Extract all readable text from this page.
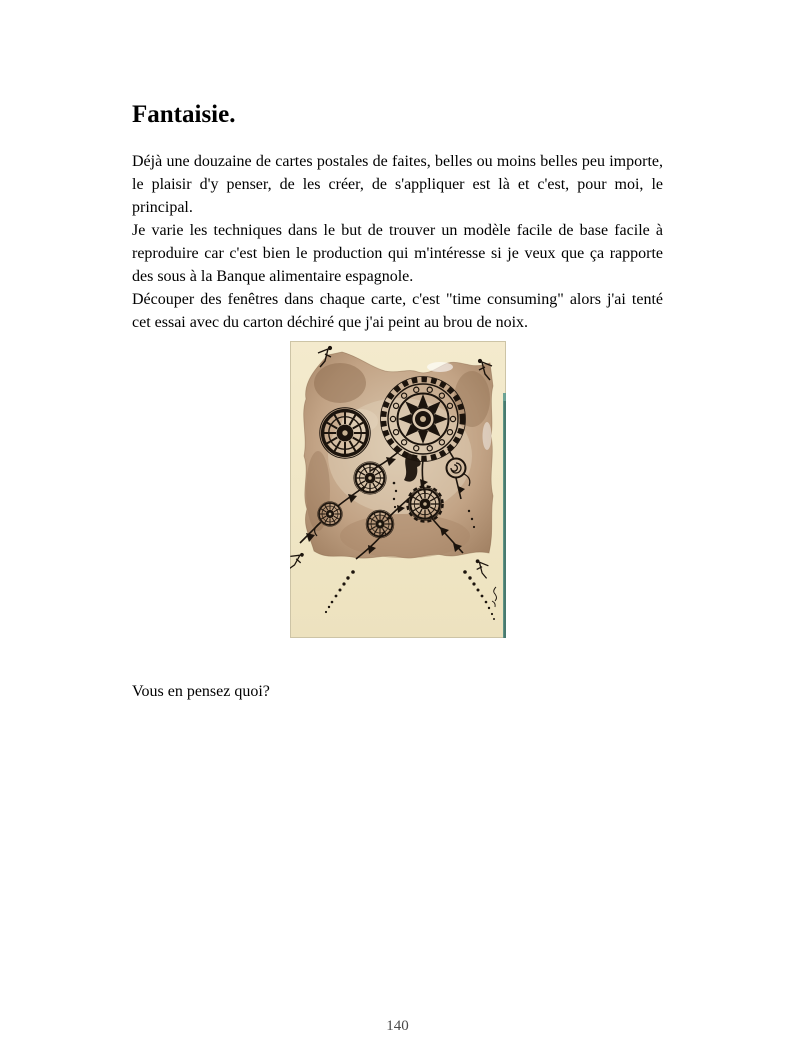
Fantaisie.

Déjà une douzaine de cartes postales de faites, belles ou moins belles peu importe, le plaisir d'y penser, de les créer, de s'appliquer est là et c'est, pour moi, le principal.

Je varie les techniques dans le but de trouver un modèle facile de base facile à reproduire car c'est bien le production qui m'intéresse si je veux que ça rapporte des sous à la Banque alimentaire espagnole.

Découper des fenêtres dans chaque carte, c'est "time consuming" alors j'ai tenté cet essai avec du carton déchiré que j'ai peint au brou de noix.

Vous en pensez quoi?
140
